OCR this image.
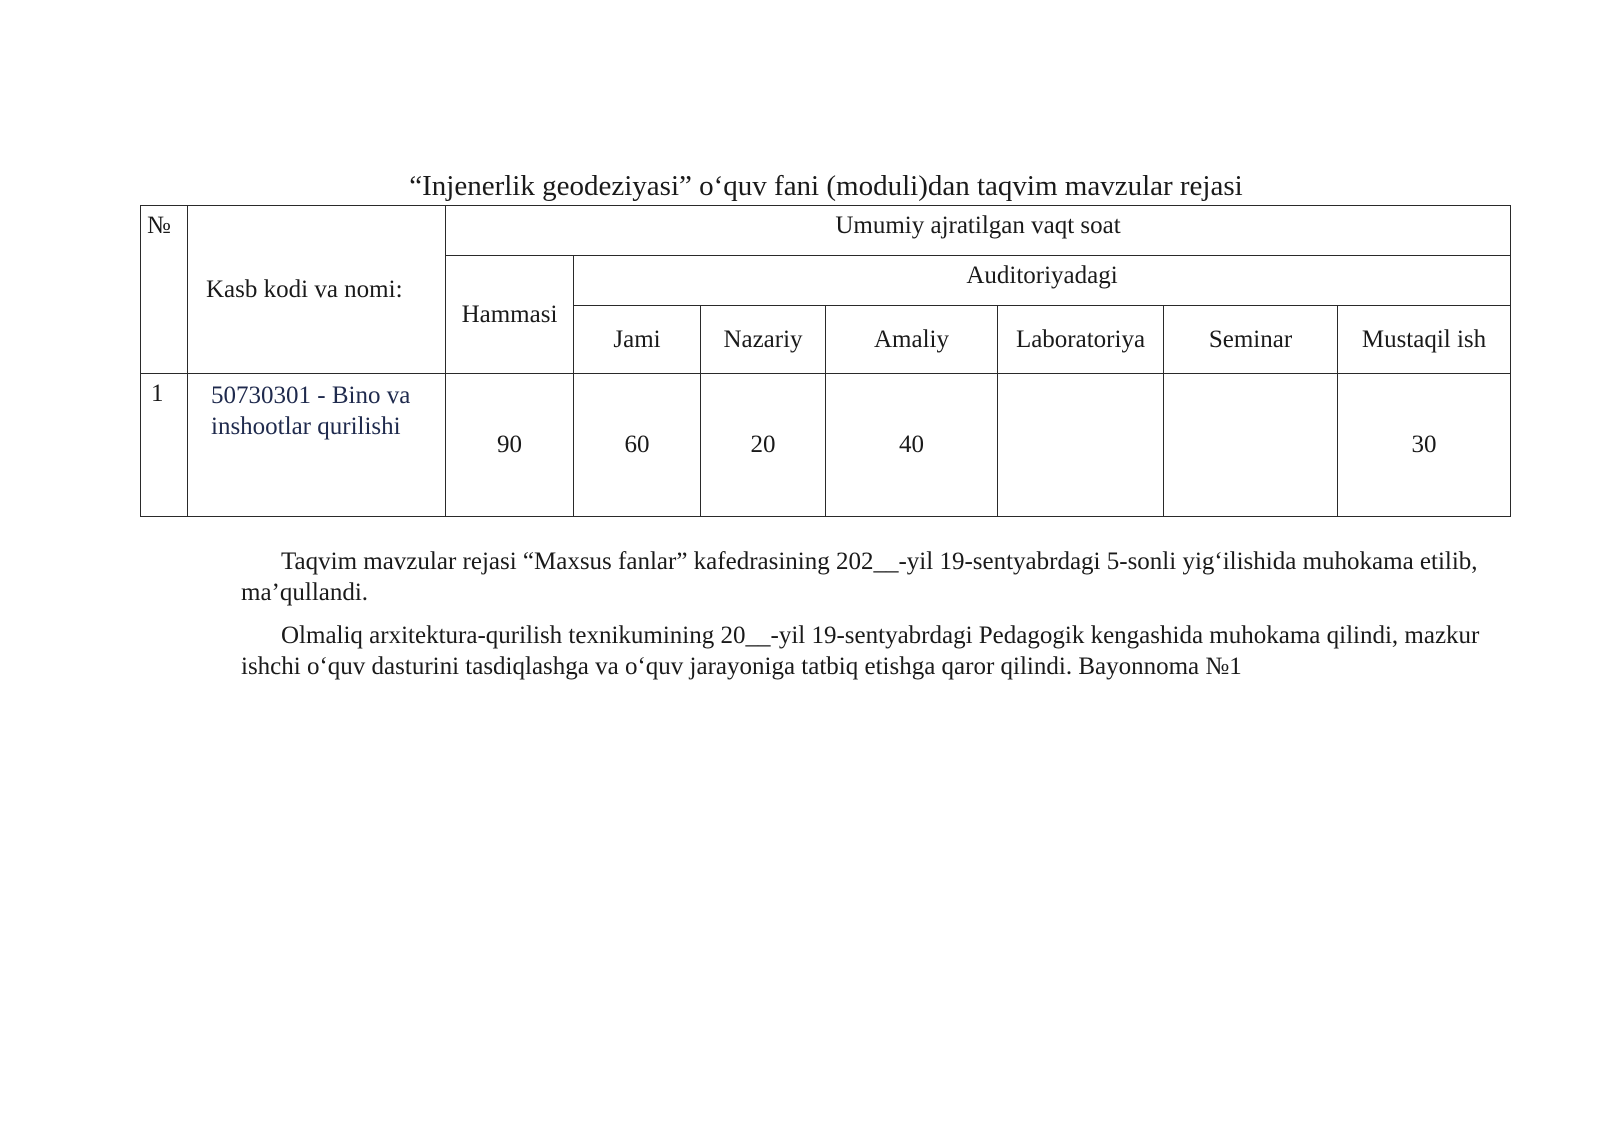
“Injenerlik geodeziyasi” o‘quv fani (moduli)dan taqvim mavzular rejasi
№	Kasb kodi va nomi:	Umumiy ajratilgan vaqt soat						
		Hammasi	Auditoriyadagi					
			Jami	Nazariy	Amaliy	Laboratoriya	Seminar	Mustaqil ish
1	50730301 - Bino va inshootlar qurilishi	90	60	20	40			30

Taqvim mavzular rejasi “Maxsus fanlar” kafedrasining 202__-yil 19-sentyabrdagi 5-sonli yig‘ilishida muhokama etilib, ma’qullandi.

Olmaliq arxitektura-qurilish texnikumining 20__-yil 19-sentyabrdagi Pedagogik kengashida muhokama qilindi, mazkur ishchi o‘quv dasturini tasdiqlashga va o‘quv jarayoniga tatbiq etishga qaror qilindi. Bayonnoma №1
